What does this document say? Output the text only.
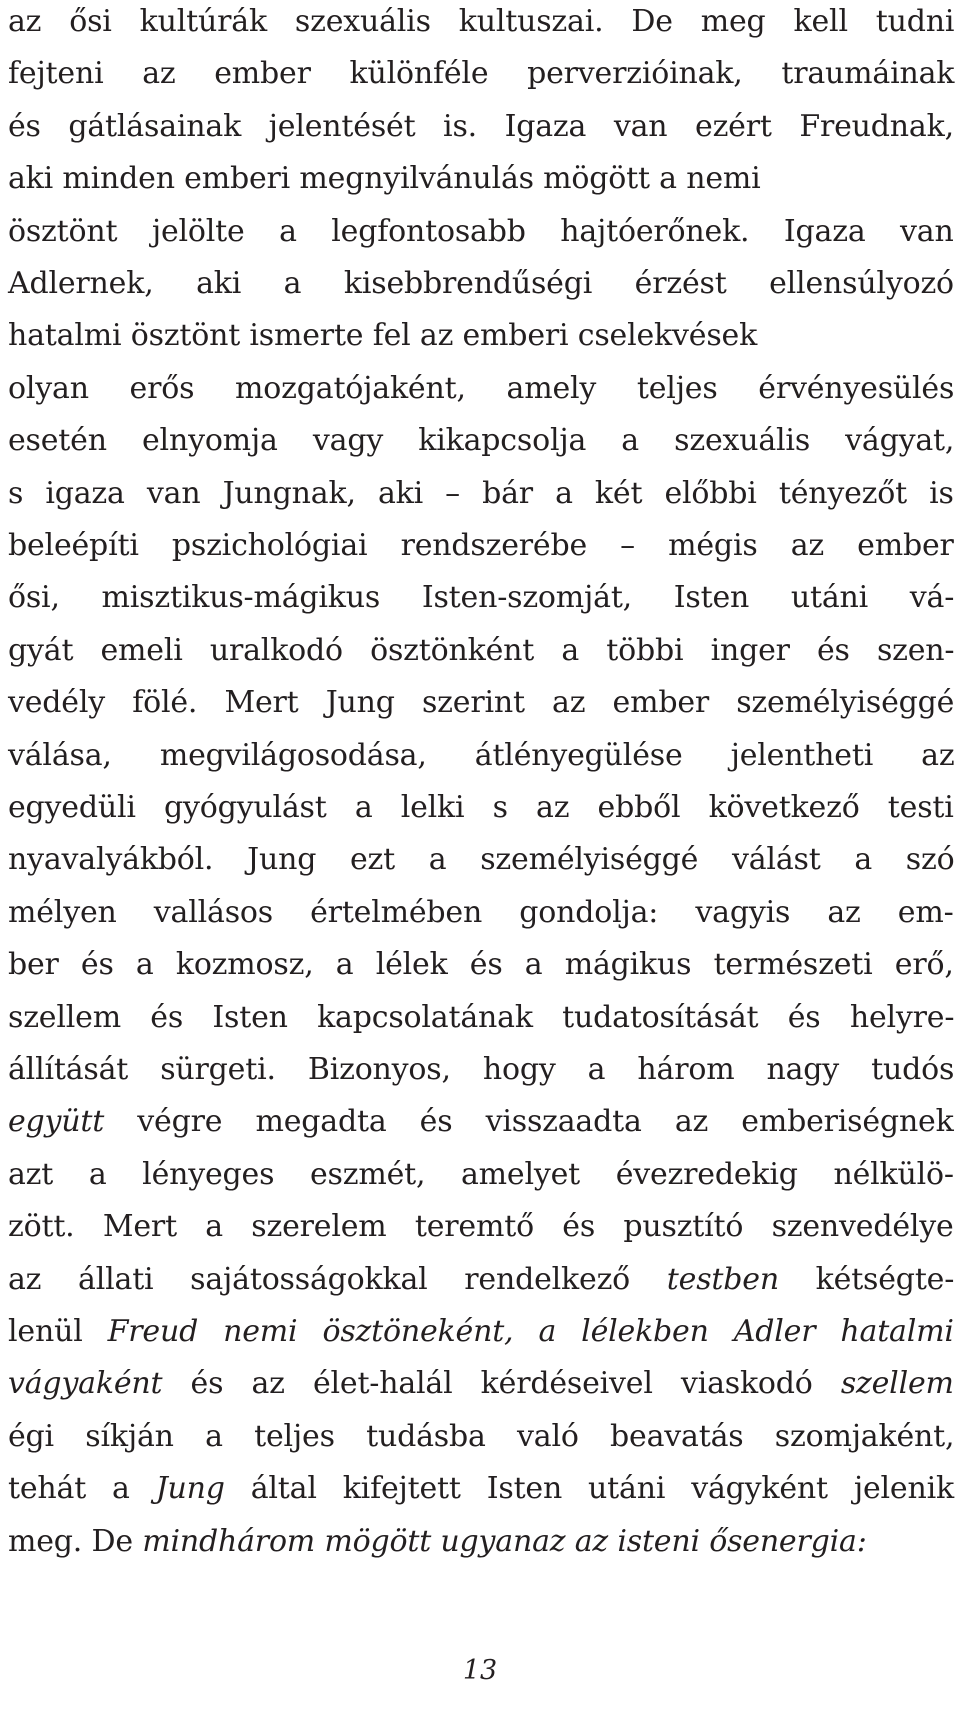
az ősi kultúrák szexuális kultuszai. De meg kell tudni
fejteni az ember különféle perverzióinak, traumáinak
és gátlásainak jelentését is. Igaza van ezért Freudnak,
aki minden emberi megnyilvánulás mögött a nemi
ösztönt jelölte a legfontosabb hajtóerőnek. Igaza van
Adlernek, aki a kisebbrendűségi érzést ellensúlyozó
hatalmi ösztönt ismerte fel az emberi cselekvések
olyan erős mozgatójaként, amely teljes érvényesülés
esetén elnyomja vagy kikapcsolja a szexuális vágyat,
s igaza van Jungnak, aki – bár a két előbbi tényezőt is
beleépíti pszichológiai rendszerébe – mégis az ember
ősi, misztikus-mágikus Isten-szomját, Isten utáni vá-
gyát emeli uralkodó ösztönként a többi inger és szen-
vedély fölé. Mert Jung szerint az ember személyiséggé
válása, megvilágosodása, átlényegülése jelentheti az
egyedüli gyógyulást a lelki s az ebből következő testi
nyavalyákból. Jung ezt a személyiséggé válást a szó
mélyen vallásos értelmében gondolja: vagyis az em-
ber és a kozmosz, a lélek és a mágikus természeti erő,
szellem és Isten kapcsolatának tudatosítását és helyre-
állítását sürgeti. Bizonyos, hogy a három nagy tudós
együtt végre megadta és visszaadta az emberiségnek
azt a lényeges eszmét, amelyet évezredekig nélkülö-
zött. Mert a szerelem teremtő és pusztító szenvedélye
az állati sajátosságokkal rendelkező testben kétségte-
lenül Freud nemi ösztöneként, a lélekben Adler hatalmi
vágyaként és az élet-halál kérdéseivel viaskodó szellem
égi síkján a teljes tudásba való beavatás szomjaként,
tehát a Jung által kifejtett Isten utáni vágyként jelenik
meg. De mindhárom mögött ugyanaz az isteni ősenergia:
13
